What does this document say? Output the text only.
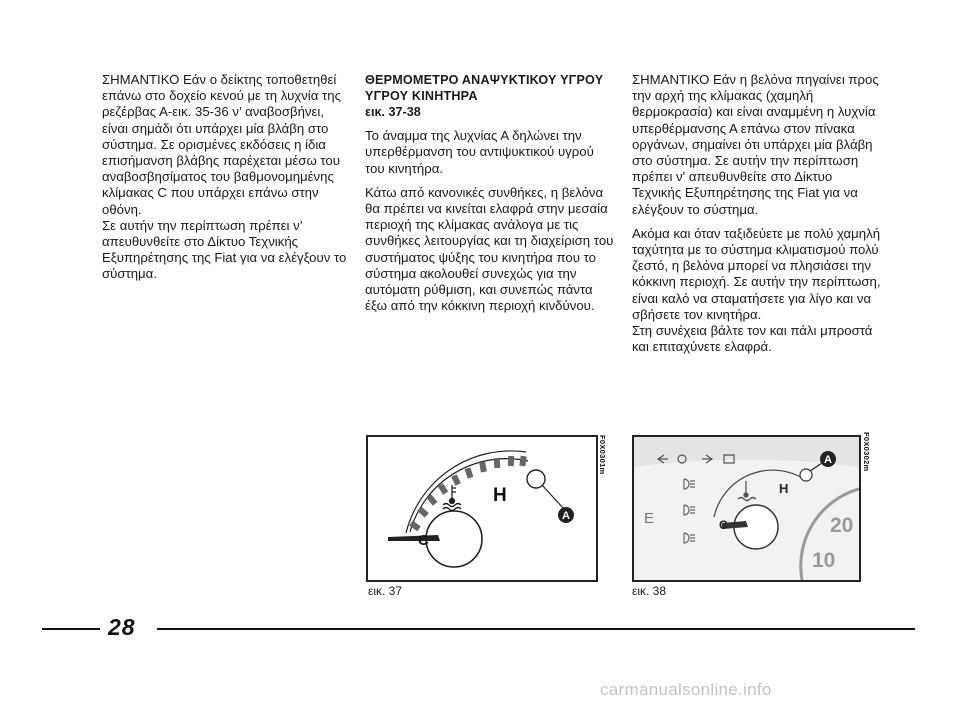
ΣΗΜΑΝΤΙΚΟ Εάν ο δείκτης τοποθετηθεί επάνω στο δοχείο κενού με τη λυχνία της ρεζέρβας Α-εικ. 35-36 ν’ αναβοσβήνει, είναι σημάδι ότι υπάρχει μία βλάβη στο σύστημα. Σε ορισμένες εκδόσεις η ίδια επισήμανση βλάβης παρέχεται μέσω του αναβοσβησίματος του βαθμονομημένης κλίμακας C που υπάρχει επάνω στην οθόνη.

Σε αυτήν την περίπτωση πρέπει ν’ απευθυνθείτε στο Δίκτυο Τεχνικής Εξυπηρέτησης της Fiat για να ελέγξουν το σύστημα.

ΘΕΡΜΟΜΕΤΡΟ ΑΝΑΨΥΚΤΙΚΟΥ ΥΓΡΟΥ ΥΓΡΟΥ ΚΙΝΗΤΗΡΑ
εικ. 37-38

Το άναμμα της λυχνίας Α δηλώνει την υπερθέρμανση του αντιψυκτικού υγρού του κινητήρα.

Κάτω από κανονικές συνθήκες, η βελόνα θα πρέπει να κινείται ελαφρά στην μεσαία περιοχή της κλίμακας ανάλογα με τις συνθήκες λειτουργίας και τη διαχείριση του συστήματος ψύξης του κινητήρα που το σύστημα ακολουθεί συνεχώς για την αυτόματη ρύθμιση, και συνεπώς πάντα έξω από την κόκκινη περιοχή κινδύνου.

ΣΗΜΑΝΤΙΚΟ Εάν η βελόνα πηγαίνει προς την αρχή της κλίμακας (χαμηλή θερμοκρασία) και είναι αναμμένη η λυχνία υπερθέρμανσης Α επάνω στον πίνακα οργάνων, σημαίνει ότι υπάρχει μία βλάβη στο σύστημα. Σε αυτήν την περίπτωση πρέπει ν' απευθυνθείτε στο Δίκτυο Τεχνικής Εξυπηρέτησης της Fiat για να ελέγξουν το σύστημα.

Ακόμα και όταν ταξιδεύετε με πολύ χαμηλή ταχύτητα με το σύστημα κλιματισμού πολύ ζεστό, η βελόνα μπορεί να πλησιάσει την κόκκινη περιοχή. Σε αυτήν την περίπτωση, είναι καλό να σταματήσετε για λίγο και να σβήσετε τον κινητήρα.

Στη συνέχεια βάλτε τον και πάλι μπροστά και επιταχύνετε ελαφρά.

H
A
C
F0X0301m
εικ. 37
E
H
A
C	20
10
F0X0302m
εικ. 38
28
carmanualsonline.info
